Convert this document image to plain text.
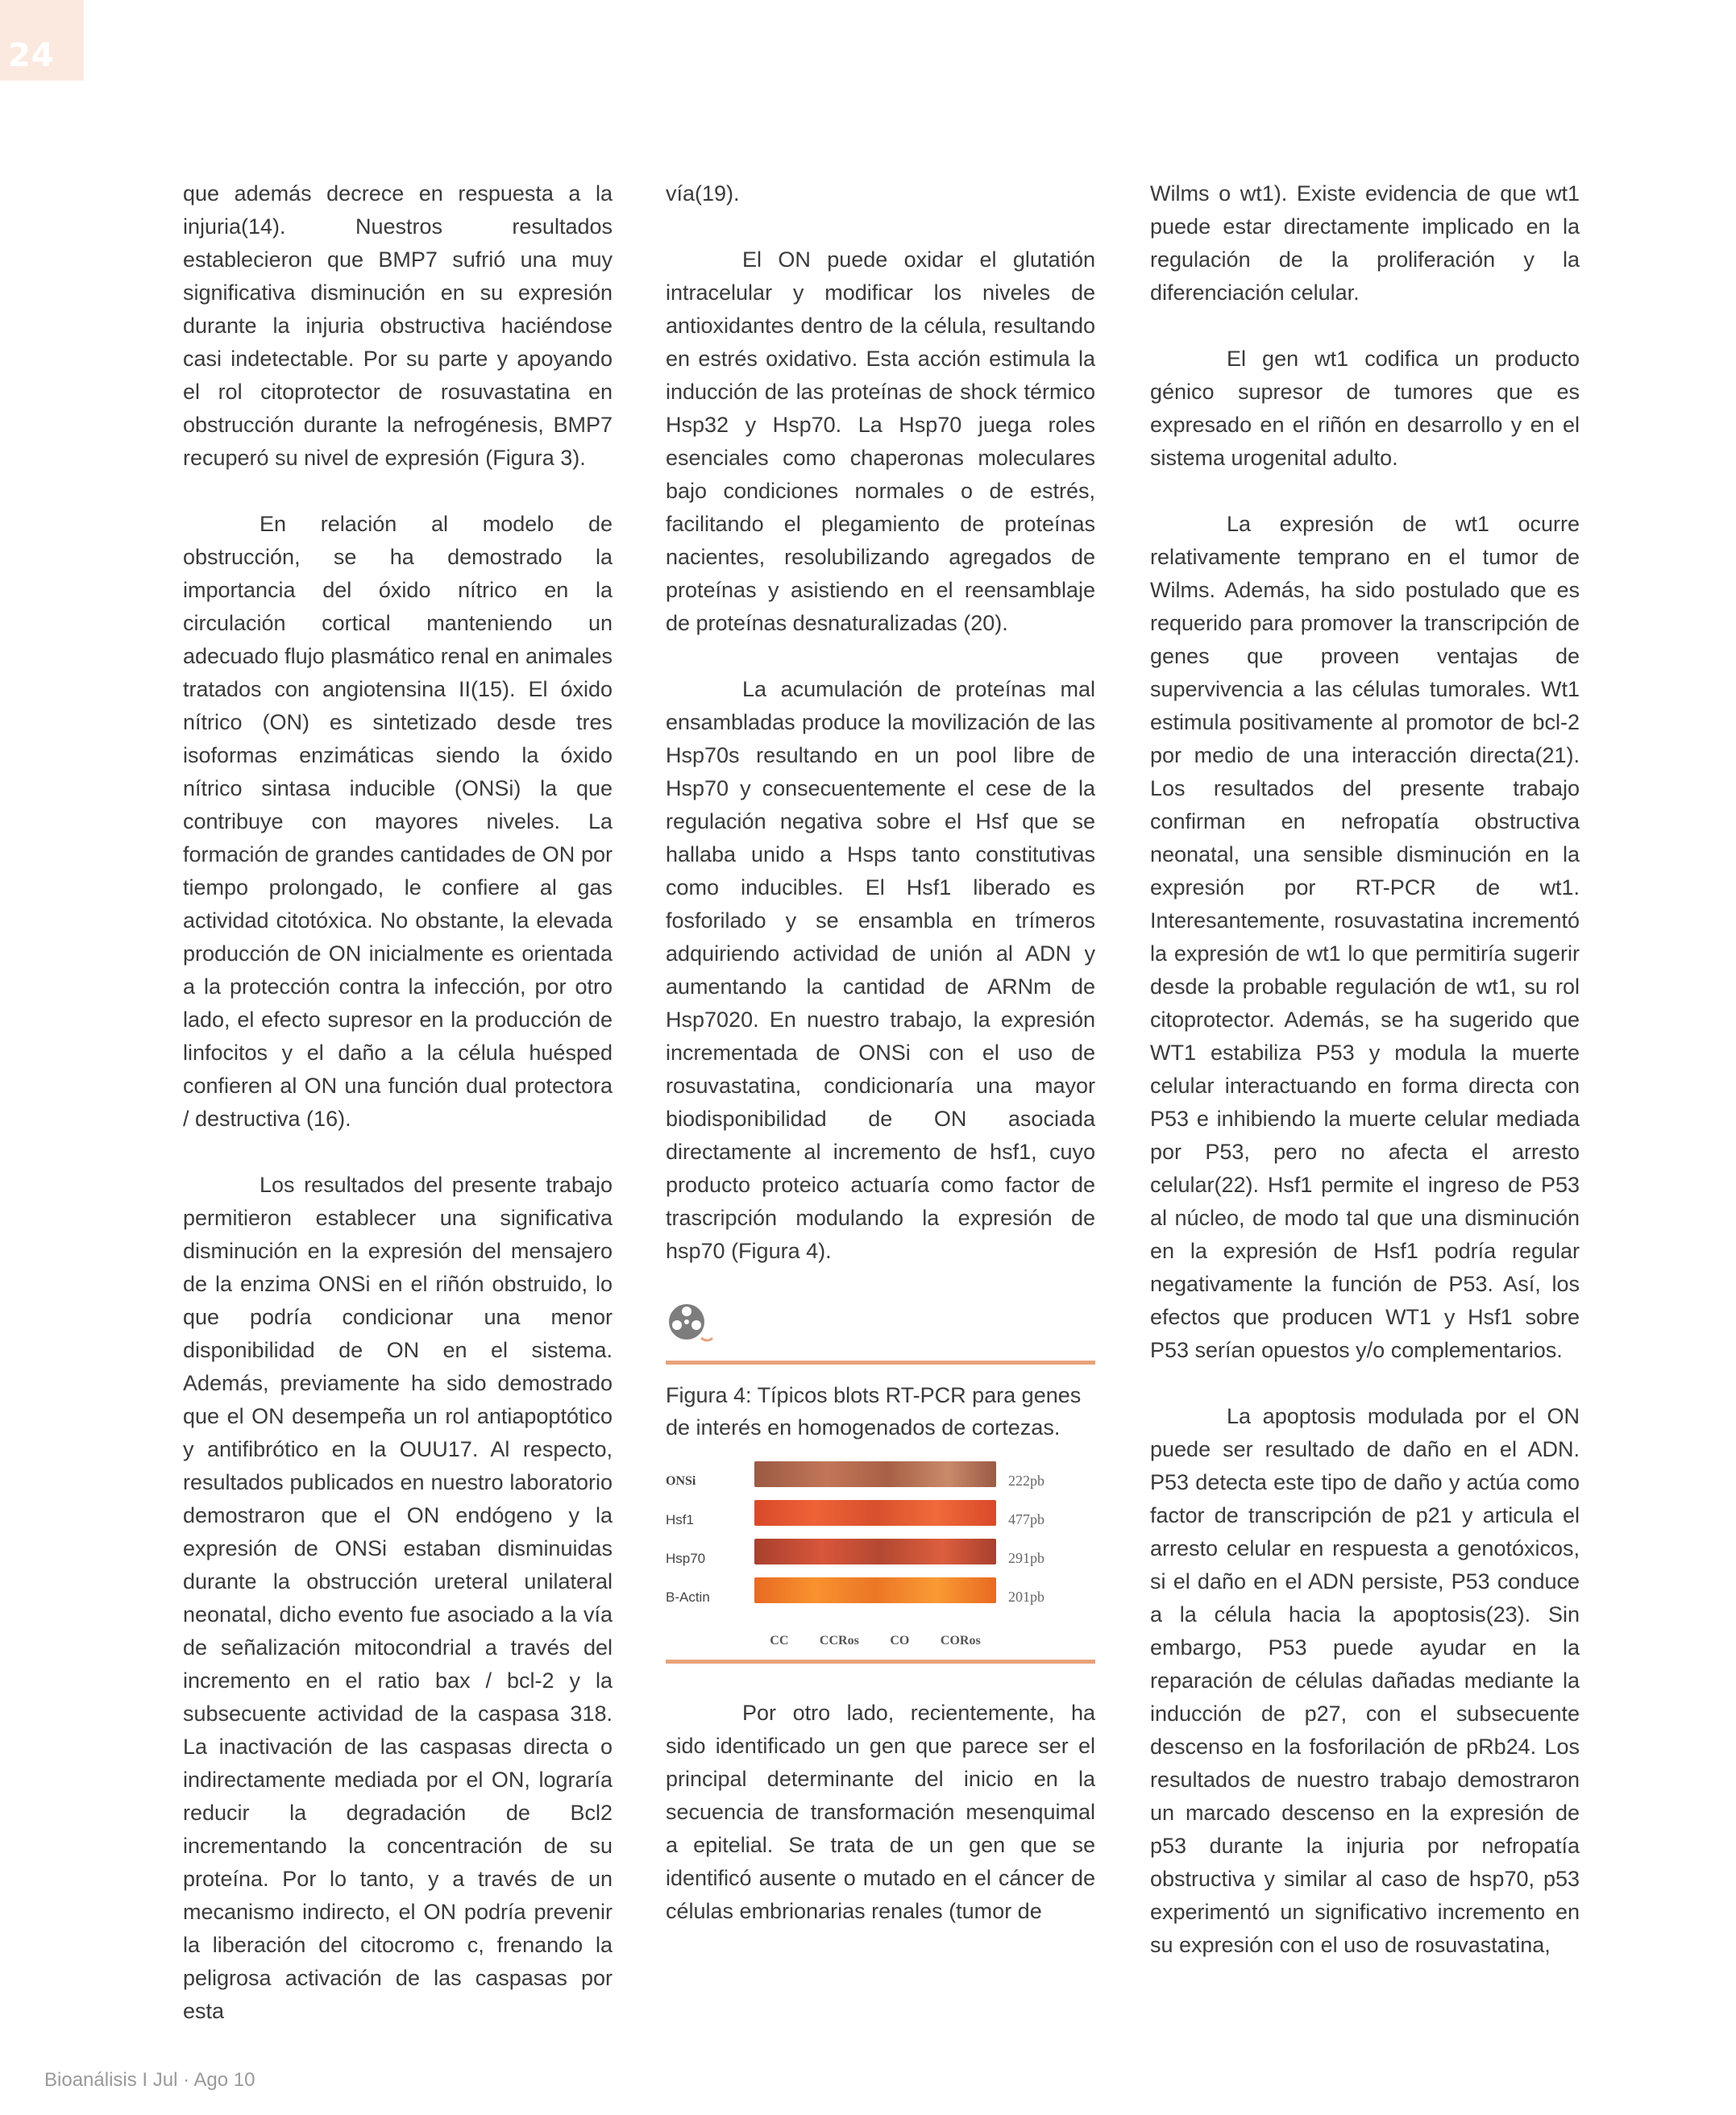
24

que además decrece en respuesta a la injuria(14). Nuestros resultados establecieron que BMP7 sufrió una muy significativa disminución en su expresión durante la injuria obstructiva haciéndose casi indetectable. Por su parte y apoyando el rol citoprotector de rosuvastatina en obstrucción durante la nefrogénesis, BMP7 recuperó su nivel de expresión (Figura 3).

En relación al modelo de obstrucción, se ha demostrado la importancia del óxido nítrico en la circulación cortical manteniendo un adecuado flujo plasmático renal en animales tratados con angiotensina II(15). El óxido nítrico (ON) es sintetizado desde tres isoformas enzimáticas siendo la óxido nítrico sintasa inducible (ONSi) la que contribuye con mayores niveles. La formación de grandes cantidades de ON por tiempo prolongado, le confiere al gas actividad citotóxica. No obstante, la elevada producción de ON inicialmente es orientada a la protección contra la infección, por otro lado, el efecto supresor en la producción de linfocitos y el daño a la célula huésped confieren al ON una función dual protectora / destructiva (16).

Los resultados del presente trabajo permitieron establecer una significativa disminución en la expresión del mensajero de la enzima ONSi en el riñón obstruido, lo que podría condicionar una menor disponibilidad de ON en el sistema. Además, previamente ha sido demostrado que el ON desempeña un rol antiapoptótico y antifibrótico en la OUU17. Al respecto, resultados publicados en nuestro laboratorio demostraron que el ON endógeno y la expresión de ONSi estaban disminuidas durante la obstrucción ureteral unilateral neonatal, dicho evento fue asociado a la vía de señalización mitocondrial a través del incremento en el ratio bax / bcl-2 y la subsecuente actividad de la caspasa 318. La inactivación de las caspasas directa o indirectamente mediada por el ON, lograría reducir la degradación de Bcl2 incrementando la concentración de su proteína. Por lo tanto, y a través de un mecanismo indirecto, el ON podría prevenir la liberación del citocromo c, frenando la peligrosa activación de las caspasas por esta

vía(19).

El ON puede oxidar el glutatión intracelular y modificar los niveles de antioxidantes dentro de la célula, resultando en estrés oxidativo. Esta acción estimula la inducción de las proteínas de shock térmico Hsp32 y Hsp70. La Hsp70 juega roles esenciales como chaperonas moleculares bajo condiciones normales o de estrés, facilitando el plegamiento de proteínas nacientes, resolubilizando agregados de proteínas y asistiendo en el reensamblaje de proteínas desnaturalizadas (20).

La acumulación de proteínas mal ensambladas produce la movilización de las Hsp70s resultando en un pool libre de Hsp70 y consecuentemente el cese de la regulación negativa sobre el Hsf que se hallaba unido a Hsps tanto constitutivas como inducibles. El Hsf1 liberado es fosforilado y se ensambla en trímeros adquiriendo actividad de unión al ADN y aumentando la cantidad de ARNm de Hsp7020. En nuestro trabajo, la expresión incrementada de ONSi con el uso de rosuvastatina, condicionaría una mayor biodisponibilidad de ON asociada directamente al incremento de hsf1, cuyo producto proteico actuaría como factor de trascripción modulando la expresión de hsp70 (Figura 4).

Figura 4: Típicos blots RT-PCR para genes de interés en homogenados de cortezas.
ONSi	222pb
Hsf1	477pb
Hsp70	291pb
B-Actin	201pb
CC CCRos CO CORos

Por otro lado, recientemente, ha sido identificado un gen que parece ser el principal determinante del inicio en la secuencia de transformación mesenquimal a epitelial. Se trata de un gen que se identificó ausente o mutado en el cáncer de células embrionarias renales (tumor de

Wilms o wt1). Existe evidencia de que wt1 puede estar directamente implicado en la regulación de la proliferación y la diferenciación celular.

El gen wt1 codifica un producto génico supresor de tumores que es expresado en el riñón en desarrollo y en el sistema urogenital adulto.

La expresión de wt1 ocurre relativamente temprano en el tumor de Wilms. Además, ha sido postulado que es requerido para promover la transcripción de genes que proveen ventajas de supervivencia a las células tumorales. Wt1 estimula positivamente al promotor de bcl-2 por medio de una interacción directa(21). Los resultados del presente trabajo confirman en nefropatía obstructiva neonatal, una sensible disminución en la expresión por RT-PCR de wt1. Interesantemente, rosuvastatina incrementó la expresión de wt1 lo que permitiría sugerir desde la probable regulación de wt1, su rol citoprotector. Además, se ha sugerido que WT1 estabiliza P53 y modula la muerte celular interactuando en forma directa con P53 e inhibiendo la muerte celular mediada por P53, pero no afecta el arresto celular(22). Hsf1 permite el ingreso de P53 al núcleo, de modo tal que una disminución en la expresión de Hsf1 podría regular negativamente la función de P53. Así, los efectos que producen WT1 y Hsf1 sobre P53 serían opuestos y/o complementarios.

La apoptosis modulada por el ON puede ser resultado de daño en el ADN. P53 detecta este tipo de daño y actúa como factor de transcripción de p21 y articula el arresto celular en respuesta a genotóxicos, si el daño en el ADN persiste, P53 conduce a la célula hacia la apoptosis(23). Sin embargo, P53 puede ayudar en la reparación de células dañadas mediante la inducción de p27, con el subsecuente descenso en la fosforilación de pRb24. Los resultados de nuestro trabajo demostraron un marcado descenso en la expresión de p53 durante la injuria por nefropatía obstructiva y similar al caso de hsp70, p53 experimentó un significativo incremento en su expresión con el uso de rosuvastatina,

Bioanálisis I Jul · Ago 10
